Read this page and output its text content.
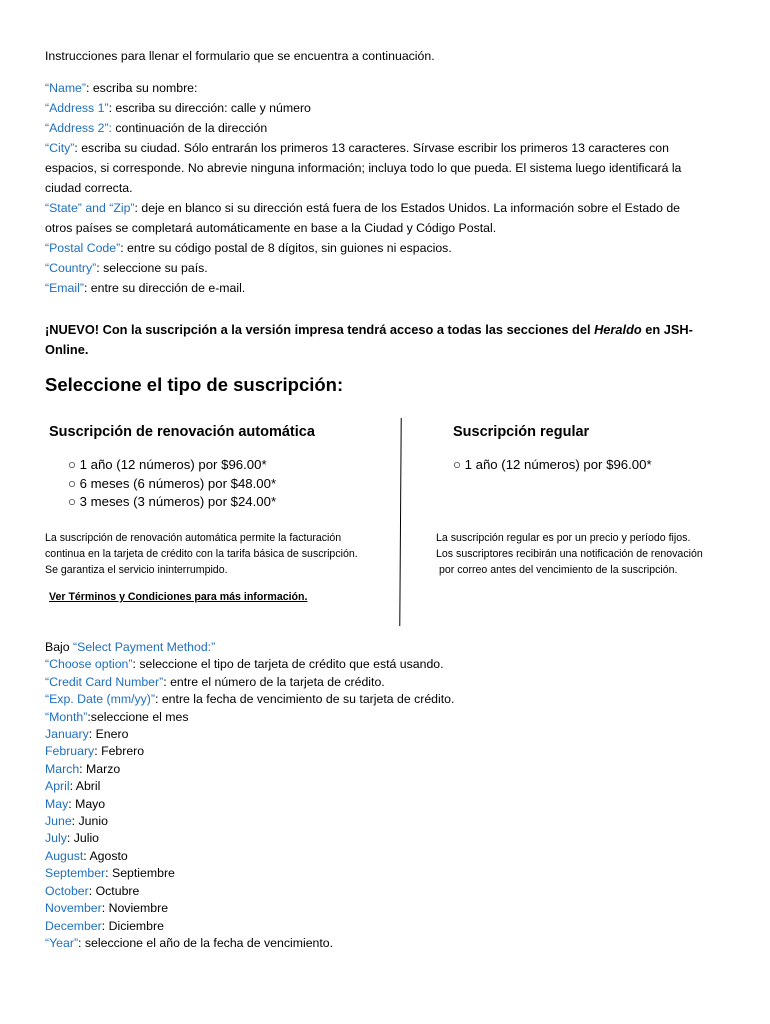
Instrucciones para llenar el formulario que se encuentra a continuación.
“Name”: escriba su nombre:
“Address 1”: escriba su dirección: calle y número
“Address 2”: continuación de la dirección
“City”: escriba su ciudad. Sólo entrarán los primeros 13 caracteres. Sírvase escribir los primeros 13 caracteres con espacios, si corresponde. No abrevie ninguna información; incluya todo lo que pueda. El sistema luego identificará la ciudad correcta.
“State” and “Zip”: deje en blanco si su dirección está fuera de los Estados Unidos. La información sobre el Estado de otros países se completará automáticamente en base a la Ciudad y Código Postal.
“Postal Code”: entre su código postal de 8 dígitos, sin guiones ni espacios.
“Country”: seleccione su país.
“Email”: entre su dirección de e-mail.
¡NUEVO! Con la suscripción a la versión impresa tendrá acceso a todas las secciones del Heraldo en JSH-Online.
Seleccione el tipo de suscripción:
Suscripción de renovación automática	Suscripción regular
○ 1 año (12 números) por $96.00*
○ 6 meses (6 números) por $48.00*
○ 3 meses (3 números) por $24.00*
○ 1 año (12 números) por $96.00*
La suscripción de renovación automática permite la facturación
continua en la tarjeta de crédito con la tarifa básica de suscripción.
Se garantiza el servicio ininterrumpido.
La suscripción regular es por un precio y período fijos.
Los suscriptores recibirán una notificación de renovación
por correo antes del vencimiento de la suscripción.
Ver Términos y Condiciones para más información.
Bajo “Select Payment Method:”
“Choose option”: seleccione el tipo de tarjeta de crédito que está usando.
“Credit Card Number”: entre el número de la tarjeta de crédito.
“Exp. Date (mm/yy)”: entre la fecha de vencimiento de su tarjeta de crédito.
“Month”:seleccione el mes
January: Enero
February: Febrero
March: Marzo
April: Abril
May: Mayo
June: Junio
July: Julio
August: Agosto
September: Septiembre
October: Octubre
November: Noviembre
December: Diciembre
“Year”: seleccione el año de la fecha de vencimiento.
